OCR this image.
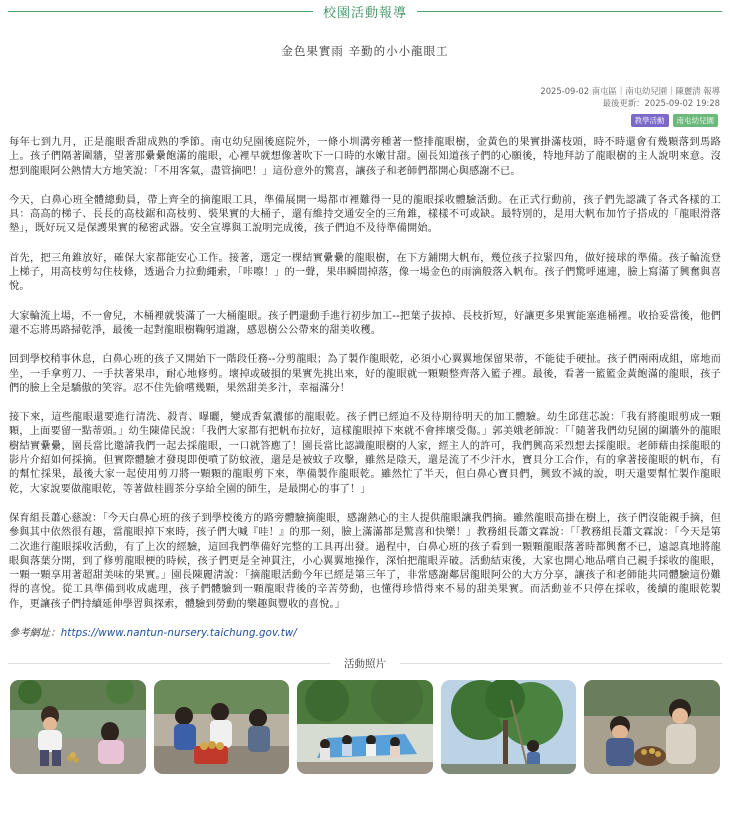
校園活動報導
金色果實雨 辛勤的小小龍眼工
2025-09-02 南屯區｜南屯幼兒園｜陳麗淸 報導
最後更新：2025-09-02 19:28
教學活動	南屯幼兒園

每年七到九月，正是龍眼香甜成熟的季節。南屯幼兒園後庭院外，一條小圳溝旁種著一整排龍眼樹，金黃色的果實掛滿枝頭，時不時還會有幾顆落到馬路上。孩子們隔著圍牆，望著那纍纍飽滿的龍眼，心裡早就想像著吹下一口時的水嫩甘甜。園長知道孩子們的心願後，特地拜訪了龍眼樹的主人說明來意。沒想到龍眼阿公熱情大方地笑說：「不用客氣，盡管摘吧！」這份意外的驚喜，讓孩子和老師們都開心與感謝不已。

今天，白鼻心班全體總動員，帶上齊全的摘龍眼工具，準備展開一場都市裡難得一見的龍眼採收體驗活動。在正式行動前，孩子們先認識了各式各樣的工具：高高的梯子、長長的高枝鋸和高枝剪、裝果實的大桶子，還有維持交通安全的三角錐，樣樣不可或缺。最特別的，是用大帆布加竹子搭成的「龍眼滑落墊」，既好玩又是保護果實的秘密武器。安全宣導與工說明完成後，孩子們迫不及待準備開始。

首先，把三角錐放好，確保大家都能安心工作。接著，選定一棵結實纍纍的龍眼樹，在下方鋪開大帆布，幾位孩子拉緊四角，做好接球的準備。孩子輪流登上梯子，用高枝剪勾住枝條，透過合力拉動繩索，「咔嚓！」的一聲，果串瞬間掉落，像一場金色的雨滴般落入帆布。孩子們驚呼連連，臉上寫滿了興奮與喜悅。

大家輪流上場，不一會兒，木桶裡就裝滿了一大桶龍眼。孩子們還動手進行初步加工--把葉子拔掉、長枝折短，好讓更多果實能塞進桶裡。收拾妥當後，他們還不忘將馬路掃乾淨，最後一起對龍眼樹鞠躬道謝，感恩樹公公帶來的甜美收穫。

回到學校稍事休息，白鼻心班的孩子又開始下一階段任務--分剪龍眼；為了製作龍眼乾，必須小心翼翼地保留果蒂，不能徒手硬扯。孩子們兩兩成組，席地而坐，一手拿剪刀、一手扶著果串，耐心地修剪。壞掉或破損的果實先挑出來，好的龍眼就一顆顆整齊落入籃子裡。最後，看著一籃籃金黃飽滿的龍眼，孩子們的臉上全是驕傲的笑容。忍不住先偷嚐幾顆，果然甜美多汁，幸福滿分！

接下來，這些龍眼還要進行清洗、殺青、曝曬，變成香氣濃郁的龍眼乾。孩子們已經迫不及待期待明天的加工體驗。幼生邱莛芯說：「我有將龍眼剪成一顆顆，上面要留一點蒂頭。」幼生陳偉民說：「我們大家都有把帆布拉好，這樣龍眼掉下來就不會摔壞受傷。」郭美娥老師說：「「隨著我們幼兒園的圍牆外的龍眼樹結實纍纍，園長當比邀請我們一起去採龍眼，一口就答應了！園長當比認識龍眼樹的人家，經主人的許可，我們興高采烈想去採龍眼。老師藉由採龍眼的影片介紹如何採摘。但實際體驗才發現即便噴了防蚊液，還是是被蚊子攻擊，雖然是陰天，還是流了不少汗水，寶貝分工合作，有的拿著接龍眼的帆布，有的幫忙採果，最後大家一起使用剪刀將一顆顆的龍眼剪下來，準備製作龍眼乾。雖然忙了半天，但白鼻心寶貝們，興致不減的說，明天還要幫忙製作龍眼乾，大家說要做龍眼乾，等著做桂圓茶分享給全園的師生，是最開心的事了！」

保育組長蕭心慈說：「今天白鼻心班的孩子到學校後方的路旁體驗摘龍眼，感謝熱心的主人提供龍眼讓我們摘。雖然龍眼高掛在樹上，孩子們沒能親手摘，但參與其中依然很有趣，當龍眼掉下來時，孩子們大喊『哇！』的那一刻，臉上滿滿都是驚喜和快樂！」教務組長蕭文霖說：「「教務組長蕭文霖說：「今天是第二次進行龍眼採收活動，有了上次的經驗，這回我們準備好完整的工具再出發。過程中，白鼻心班的孩子看到一顆顆龍眼落著時都興奮不已，遠認真地將龍眼與落葉分開，到了修剪龍眼梗的時候，孩子們更是全神貫注，小心翼翼地操作，深怕把龍眼弄破。活動結束後，大家也開心地品嚐自己親手採收的龍眼，一顆一顆享用著超甜美味的果實。」園長陳麗淸說：「摘龍眼活動今年已經是第三年了，非常感謝鄰居龍眼阿公的大方分享，讓孩子和老師能共同體驗這份難得的喜悅。從工具準備到收成處理，孩子們體驗到一顆龍眼背後的辛苦勞動，也懂得珍惜得來不易的甜美果實。而活動並不只停在採收，後續的龍眼乾製作，更讓孩子們持續延伸學習與探索，體驗到勞動的樂趣與豐收的喜悅。」

參考網址：https://www.nantun-nursery.taichung.gov.tw/

活動照片
